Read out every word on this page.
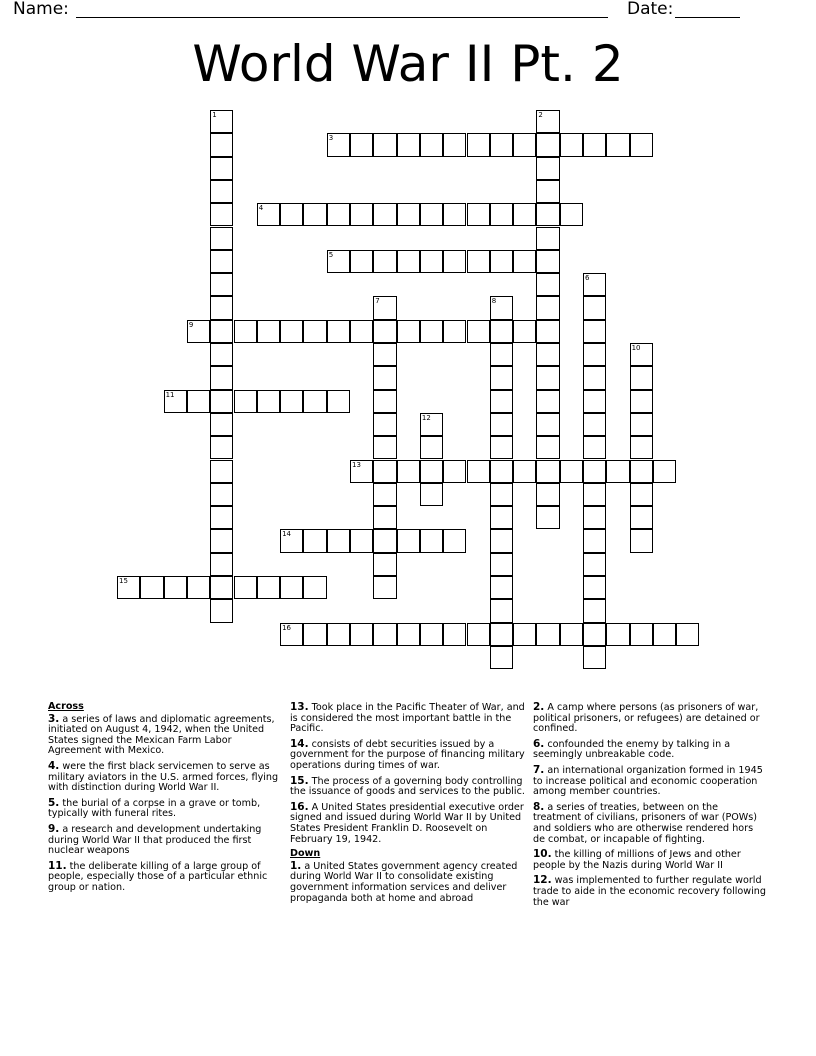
Name:	Date:
World War II Pt. 2
1	2
3
4
5
6
7	8
9
10
11
12
13
14
15
16
Across
3. a series of laws and diplomatic agreements, initiated on August 4, 1942, when the United States signed the Mexican Farm Labor Agreement with Mexico.
4. were the first black servicemen to serve as military aviators in the U.S. armed forces, flying with distinction during World War II.
5. the burial of a corpse in a grave or tomb, typically with funeral rites.
9. a research and development undertaking during World War II that produced the first nuclear weapons
11. the deliberate killing of a large group of people, especially those of a particular ethnic group or nation.
13. Took place in the Pacific Theater of War, and is considered the most important battle in the Pacific.
14. consists of debt securities issued by a government for the purpose of financing military operations during times of war.
15. The process of a governing body controlling the issuance of goods and services to the public.
16. A United States presidential executive order signed and issued during World War II by United States President Franklin D. Roosevelt on February 19, 1942.
Down
1. a United States government agency created during World War II to consolidate existing government information services and deliver propaganda both at home and abroad
2. A camp where persons (as prisoners of war, political prisoners, or refugees) are detained or confined.
6. confounded the enemy by talking in a seemingly unbreakable code.
7. an international organization formed in 1945 to increase political and economic cooperation among member countries.
8. a series of treaties, between on the treatment of civilians, prisoners of war (POWs) and soldiers who are otherwise rendered hors de combat, or incapable of fighting.
10. the killing of millions of Jews and other people by the Nazis during World War II
12. was implemented to further regulate world trade to aide in the economic recovery following the war
